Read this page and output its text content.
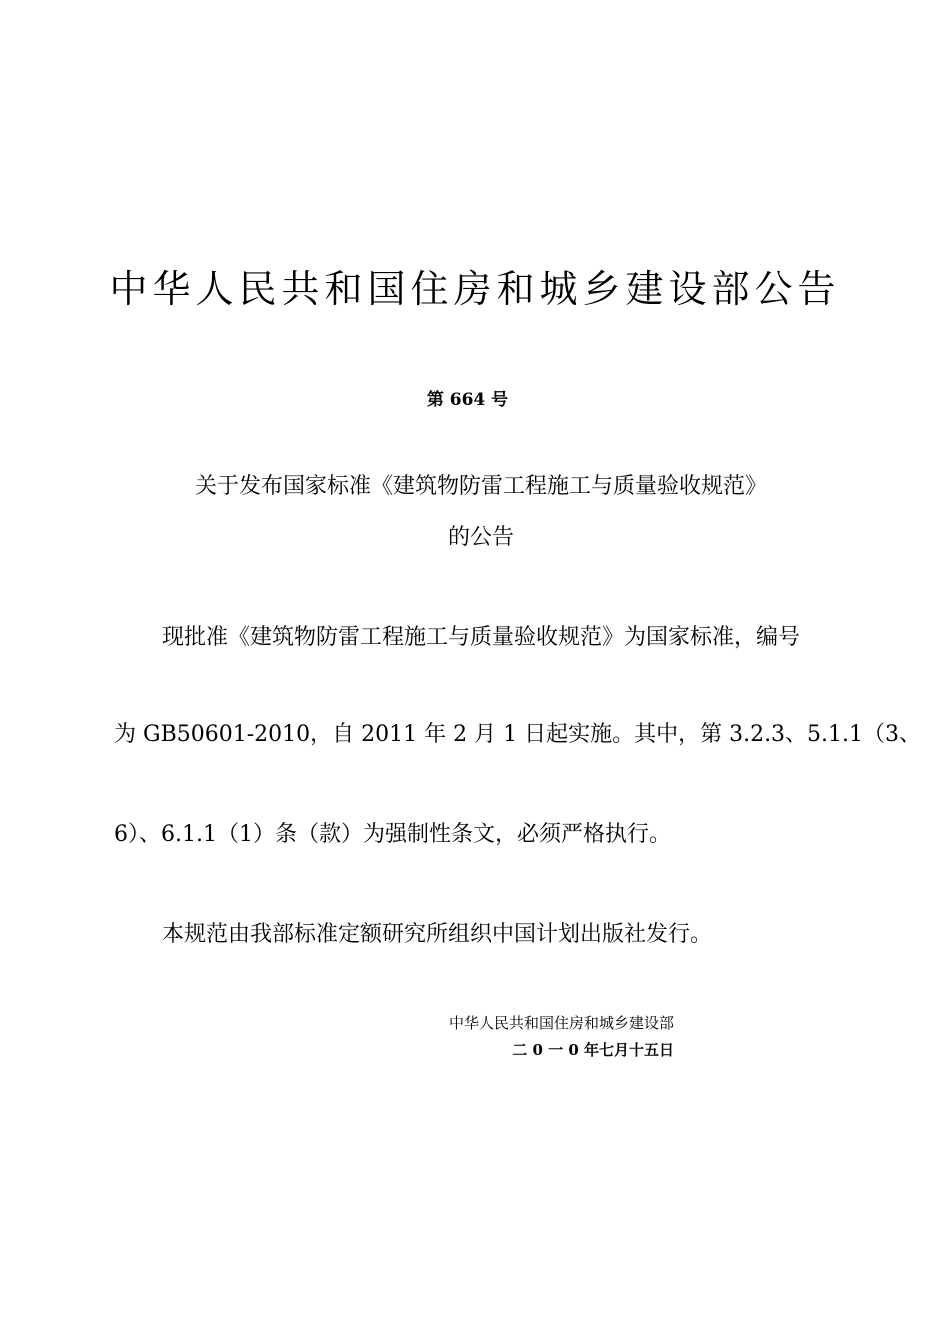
中华人民共和国住房和城乡建设部公告
第 664 号
关于发布国家标准《建筑物防雷工程施工与质量验收规范》
的公告
现批准《建筑物防雷工程施工与质量验收规范》为国家标准，编号
为 GB50601-2010，自 2011 年 2 月 1 日起实施。其中，第 3.2.3、5.1.1（3、
6）、6.1.1（1）条（款）为强制性条文，必须严格执行。
本规范由我部标准定额研究所组织中国计划出版社发行。
中华人民共和国住房和城乡建设部
二 0 一 0 年七月十五日
